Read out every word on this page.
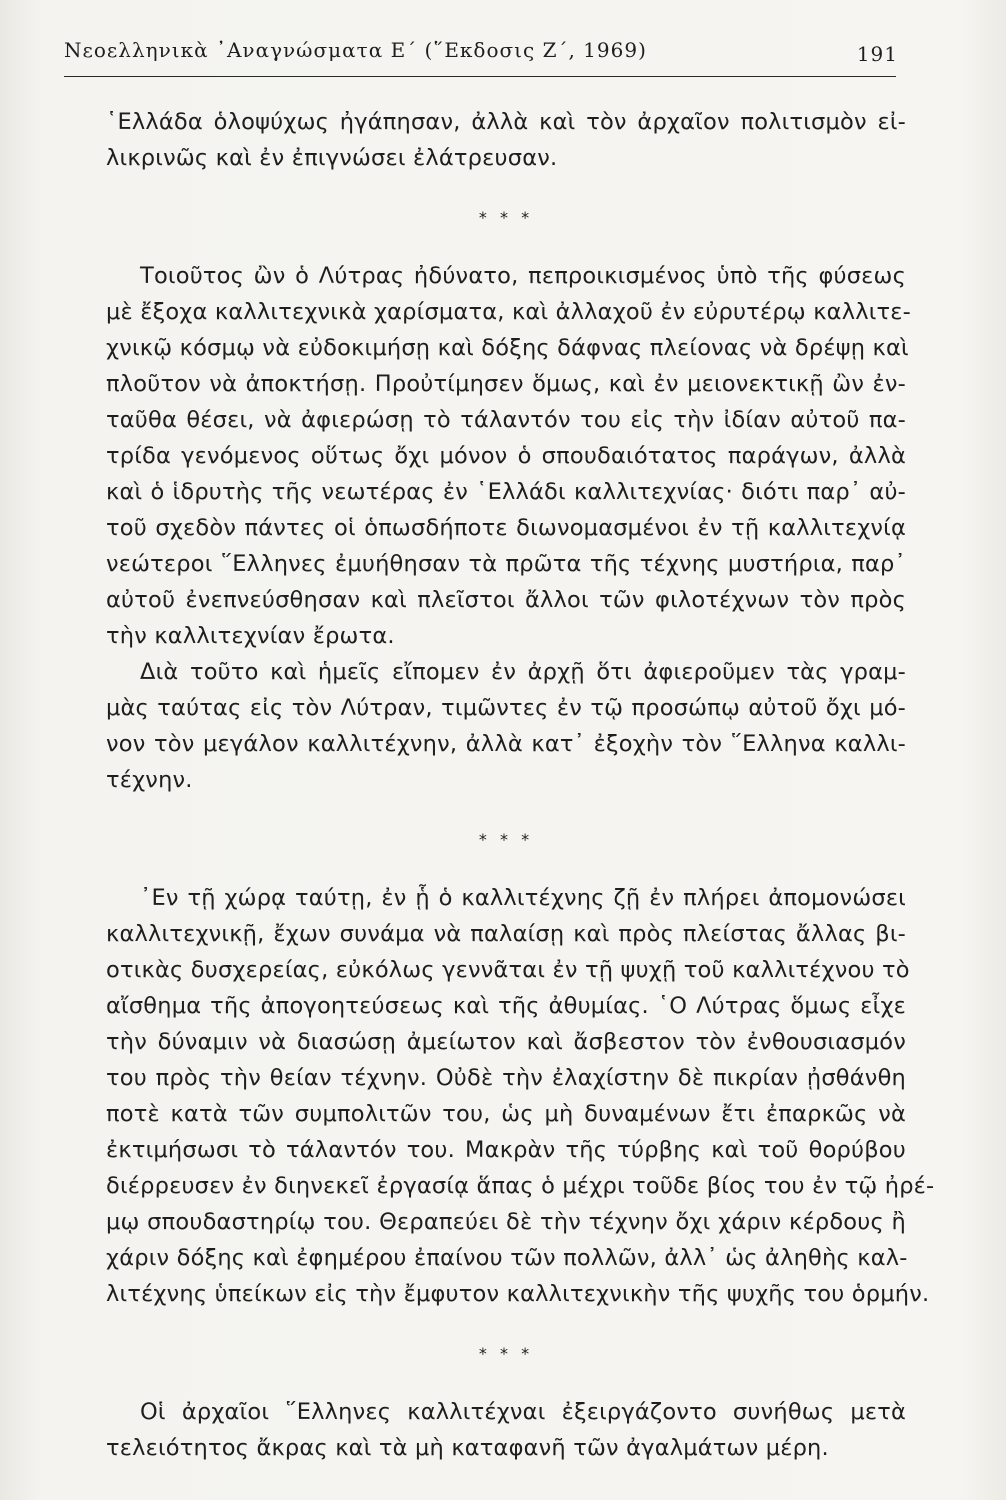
Νεοελληνικὰ ᾿Αναγνώσματα Ε΄ (῞Εκδοσις Ζ΄, 1969)	191
῾Ελλάδα ὁλοψύχως ἠγάπησαν, ἀλλὰ καὶ τὸν ἀρχαῖον πολιτισμὸν εἰ-
λικρινῶς καὶ ἐν ἐπιγνώσει ἐλάτρευσαν.
* * *
Τοιοῦτος ὢν ὁ Λύτρας ἠδύνατο, πεπροικισμένος ὑπὸ τῆς φύσεως
μὲ ἔξοχα καλλιτεχνικὰ χαρίσματα, καὶ ἀλλαχοῦ ἐν εὐρυτέρῳ καλλιτε-
χνικῷ κόσμῳ νὰ εὐδοκιμήσῃ καὶ δόξης δάφνας πλείονας νὰ δρέψῃ καὶ
πλοῦτον νὰ ἀποκτήσῃ. Προὐτίμησεν ὅμως, καὶ ἐν μειονεκτικῇ ὢν ἐν-
ταῦθα θέσει, νὰ ἀφιερώσῃ τὸ τάλαντόν του εἰς τὴν ἰδίαν αὐτοῦ πα-
τρίδα γενόμενος οὕτως ὄχι μόνον ὁ σπουδαιότατος παράγων, ἀλλὰ
καὶ ὁ ἱδρυτὴς τῆς νεωτέρας ἐν ῾Ελλάδι καλλιτεχνίας· διότι παρ᾿ αὐ-
τοῦ σχεδὸν πάντες οἱ ὁπωσδήποτε διωνομασμένοι ἐν τῇ καλλιτεχνίᾳ
νεώτεροι ῞Ελληνες ἐμυήθησαν τὰ πρῶτα τῆς τέχνης μυστήρια, παρ᾿
αὐτοῦ ἐνεπνεύσθησαν καὶ πλεῖστοι ἄλλοι τῶν φιλοτέχνων τὸν πρὸς
τὴν καλλιτεχνίαν ἔρωτα.
Διὰ τοῦτο καὶ ἡμεῖς εἴπομεν ἐν ἀρχῇ ὅτι ἀφιεροῦμεν τὰς γραμ-
μὰς ταύτας εἰς τὸν Λύτραν, τιμῶντες ἐν τῷ προσώπῳ αὐτοῦ ὄχι μό-
νον τὸν μεγάλον καλλιτέχνην, ἀλλὰ κατ᾿ ἐξοχὴν τὸν ῞Ελληνα καλλι-
τέχνην.
* * *
᾿Εν τῇ χώρᾳ ταύτῃ, ἐν ᾗ ὁ καλλιτέχνης ζῇ ἐν πλήρει ἀπομονώσει
καλλιτεχνικῇ, ἔχων συνάμα νὰ παλαίσῃ καὶ πρὸς πλείστας ἄλλας βι-
οτικὰς δυσχερείας, εὐκόλως γεννᾶται ἐν τῇ ψυχῇ τοῦ καλλιτέχνου τὸ
αἴσθημα τῆς ἀπογοητεύσεως καὶ τῆς ἀθυμίας. ῾Ο Λύτρας ὅμως εἶχε
τὴν δύναμιν νὰ διασώσῃ ἀμείωτον καὶ ἄσβεστον τὸν ἐνθουσιασμόν
του πρὸς τὴν θείαν τέχνην. Οὐδὲ τὴν ἐλαχίστην δὲ πικρίαν ᾐσθάνθη
ποτὲ κατὰ τῶν συμπολιτῶν του, ὡς μὴ δυναμένων ἔτι ἐπαρκῶς νὰ
ἐκτιμήσωσι τὸ τάλαντόν του. Μακρὰν τῆς τύρβης καὶ τοῦ θορύβου
διέρρευσεν ἐν διηνεκεῖ ἐργασίᾳ ἅπας ὁ μέχρι τοῦδε βίος του ἐν τῷ ἠρέ-
μῳ σπουδαστηρίῳ του. Θεραπεύει δὲ τὴν τέχνην ὄχι χάριν κέρδους ἢ
χάριν δόξης καὶ ἐφημέρου ἐπαίνου τῶν πολλῶν, ἀλλ᾿ ὡς ἀληθὴς καλ-
λιτέχνης ὑπείκων εἰς τὴν ἔμφυτον καλλιτεχνικὴν τῆς ψυχῆς του ὁρμήν.
* * *
Οἱ ἀρχαῖοι ῞Ελληνες καλλιτέχναι ἐξειργάζοντο συνήθως μετὰ
τελειότητος ἄκρας καὶ τὰ μὴ καταφανῆ τῶν ἀγαλμάτων μέρη.
